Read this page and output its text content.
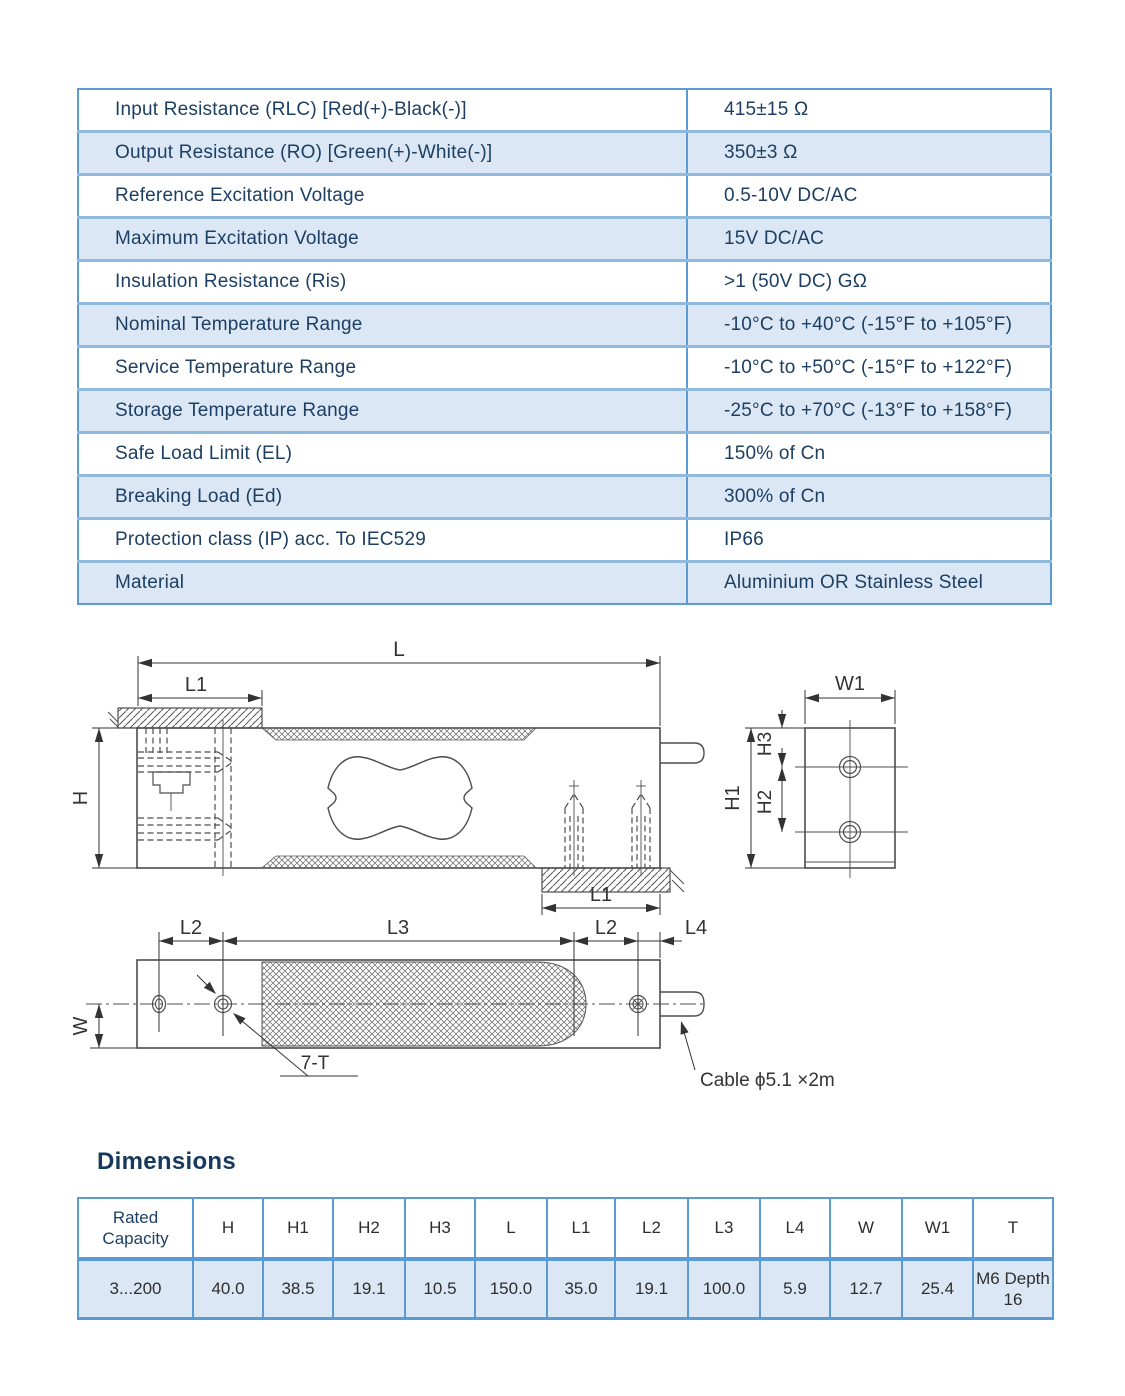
Input Resistance (RLC) [Red(+)-Black(-)]	415±15 Ω
Output Resistance (RO) [Green(+)-White(-)]	350±3 Ω
Reference Excitation Voltage	0.5-10V DC/AC
Maximum Excitation Voltage	15V DC/AC
Insulation Resistance (Ris)	>1 (50V DC) GΩ
Nominal Temperature Range	-10°C to +40°C (-15°F to +105°F)
Service Temperature Range	-10°C to +50°C (-15°F to +122°F)
Storage Temperature Range	-25°C to +70°C (-13°F to +158°F)
Safe Load Limit (EL)	150% of Cn
Breaking Load (Ed)	300% of Cn
Protection class (IP) acc. To IEC529	IP66
Material	Aluminium OR Stainless Steel
L
L1
H
L1
W1
H1
H3
H2
L2	L3	L2	L4
W
7-T
Cable ϕ5.1 ×2m
Dimensions
Rated Capacity	H	H1	H2	H3	L	L1	L2	L3	L4	W	W1	T
3...200	40.0	38.5	19.1	10.5	150.0	35.0	19.1	100.0	5.9	12.7	25.4	M6 Depth 16
